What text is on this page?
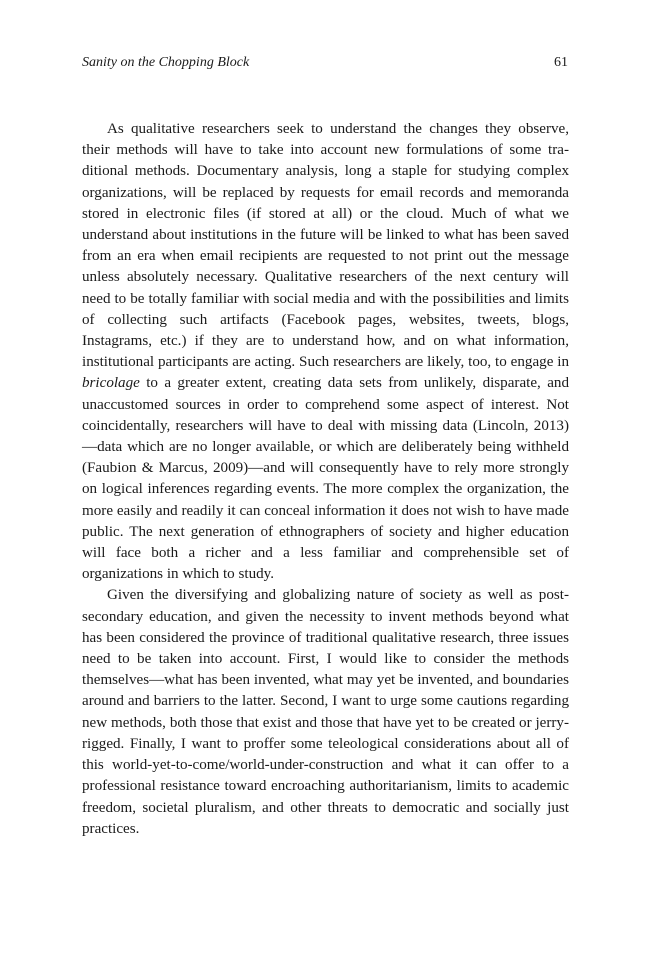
Sanity on the Chopping Block	61

As qualitative researchers seek to understand the changes they observe, their methods will have to take into account new formulations of some traditional methods. Documentary analysis, long a staple for studying complex organizations, will be replaced by requests for email records and memoranda stored in electronic files (if stored at all) or the cloud. Much of what we understand about institutions in the future will be linked to what has been saved from an era when email recipients are requested to not print out the message unless absolutely necessary. Qualitative researchers of the next century will need to be totally familiar with social media and with the possibilities and limits of collecting such artifacts (Facebook pages, websites, tweets, blogs, Instagrams, etc.) if they are to understand how, and on what information, institutional participants are acting. Such researchers are likely, too, to engage in bricolage to a greater extent, creating data sets from unlikely, disparate, and unaccustomed sources in order to comprehend some aspect of interest. Not coincidentally, researchers will have to deal with missing data (Lincoln, 2013)—data which are no longer available, or which are deliberately being withheld (Faubion & Marcus, 2009)—and will consequently have to rely more strongly on logical inferences regarding events. The more complex the organization, the more easily and readily it can conceal information it does not wish to have made public. The next generation of ethnographers of society and higher education will face both a richer and a less familiar and comprehensible set of organizations in which to study.

Given the diversifying and globalizing nature of society as well as postsecondary education, and given the necessity to invent methods beyond what has been considered the province of traditional qualitative research, three issues need to be taken into account. First, I would like to consider the methods themselves—what has been invented, what may yet be invented, and boundaries around and barriers to the latter. Second, I want to urge some cautions regarding new methods, both those that exist and those that have yet to be created or jerry-rigged. Finally, I want to proffer some teleological considerations about all of this world-yet-to-come/world-under-construction and what it can offer to a professional resistance toward encroaching authoritarianism, limits to academic freedom, societal pluralism, and other threats to democratic and socially just practices.
